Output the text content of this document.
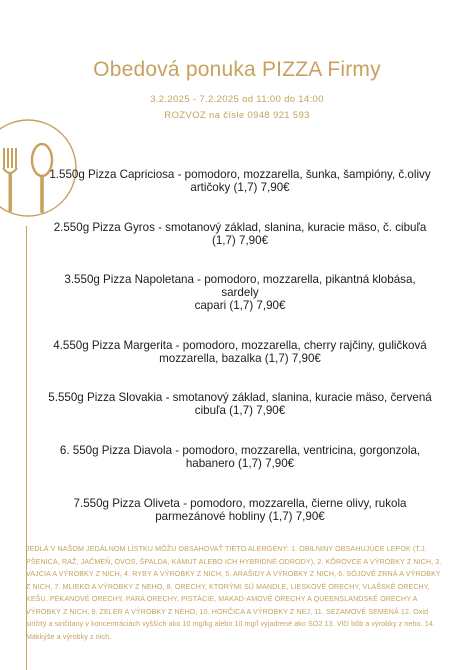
Obedová ponuka PIZZA Firmy
3.2.2025 - 7.2.2025 od 11:00 do 14:00
ROZVOZ na čísle 0948 921 593
1.550g Pizza Capriciosa - pomodoro, mozzarella, šunka, šampióny, č.olivy
artičoky (1,7) 7,90€
2.550g Pizza Gyros - smotanový základ, slanina, kuracie mäso, č. cibuľa
(1,7) 7,90€
3.550g Pizza Napoletana - pomodoro, mozzarella, pikantná klobása,
sardely
capari (1,7) 7,90€
4.550g Pizza Margerita - pomodoro, mozzarella, cherry rajčiny, guličková
mozzarella, bazalka (1,7) 7,90€
5.550g Pizza Slovakia - smotanový základ, slanina, kuracie mäso, červená
cibuľa (1,7) 7,90€
6. 550g Pizza Diavola - pomodoro, mozzarella, ventricina, gorgonzola,
habanero (1,7) 7,90€
7.550g Pizza Oliveta - pomodoro, mozzarella, čierne olivy, rukola
parmezánové hobliny (1,7) 7,90€
JEDLÁ V NAŠOM JEDÁLNOM LÍSTKU MÔŽU OBSAHOVAŤ TIETO ALERGÉNY: 1. OBILNINY OBSAHUJÚCE LEPOK (T.J. PŠENICA, RAŽ, JAČMEŇ, OVOS, ŠPALDA, KAMUT ALEBO ICH HYBRIDNÉ ODRODY), 2. KÔROVCE A VÝROBKY Z NICH, 3. VAJCIA A VÝROBKY Z NICH, 4. RYBY A VÝROBKY Z NICH, 5. ARAŠIDY A VÝROBKY Z NICH, 6. SÓJOVÉ ZRNÁ A VÝROBKY Z NICH, 7. MLIEKO A VÝROBKY Z NEHO, 8. ORECHY, KTORÝMI SÚ MANDLE, LIESKOVÉ ORECHY, VLAŠSKÉ ORECHY, KEŠU, PEKANOVÉ ORECHY, PARA ORECHY, PISTÁCIE, MAKAD-AMOVÉ ORECHY A QUEENSLANDSKÉ ORECHY A VÝROBKY Z NICH, 9. ZELER A VÝROBKY Z NEHO, 10. HORČICA A VÝROBKY Z NEJ, 11. SEZAMOVÉ SEMENÁ 12. Oxid siričitý a siričitany v koncentráciách vyšších ako 10 mg/kg alebo 10 mg/l vyjadrené ako SO2 13. Vlčí bôb a výrobky z neho. 14. Mäkkýše a výrobky z nich.
